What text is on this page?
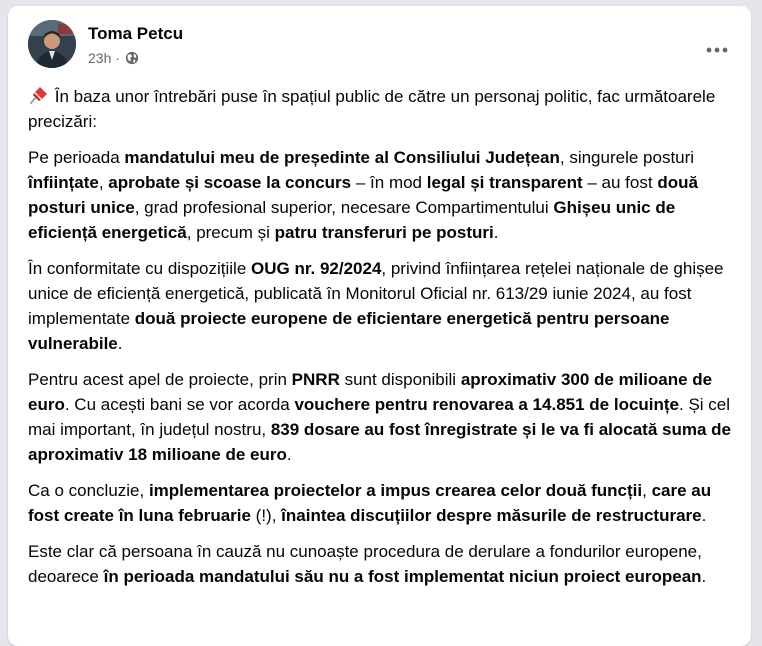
Toma Petcu
23h ·

În baza unor întrebări puse în spațiul public de către un personaj politic, fac următoarele precizări:

Pe perioada mandatului meu de președinte al Consiliului Județean, singurele posturi înființate, aprobate și scoase la concurs – în mod legal și transparent – au fost două posturi unice, grad profesional superior, necesare Compartimentului Ghișeu unic de eficiență energetică, precum și patru transferuri pe posturi.

În conformitate cu dispozițiile OUG nr. 92/2024, privind înființarea rețelei naționale de ghișee unice de eficiență energetică, publicată în Monitorul Oficial nr. 613/29 iunie 2024, au fost implementate două proiecte europene de eficientare energetică pentru persoane vulnerabile.

Pentru acest apel de proiecte, prin PNRR sunt disponibili aproximativ 300 de milioane de euro. Cu acești bani se vor acorda vouchere pentru renovarea a 14.851 de locuințe. Și cel mai important, în județul nostru, 839 dosare au fost înregistrate și le va fi alocată suma de aproximativ 18 milioane de euro.

Ca o concluzie, implementarea proiectelor a impus crearea celor două funcții, care au fost create în luna februarie (!), înaintea discuțiilor despre măsurile de restructurare.

Este clar că persoana în cauză nu cunoaște procedura de derulare a fondurilor europene, deoarece în perioada mandatului său nu a fost implementat niciun proiect european.
